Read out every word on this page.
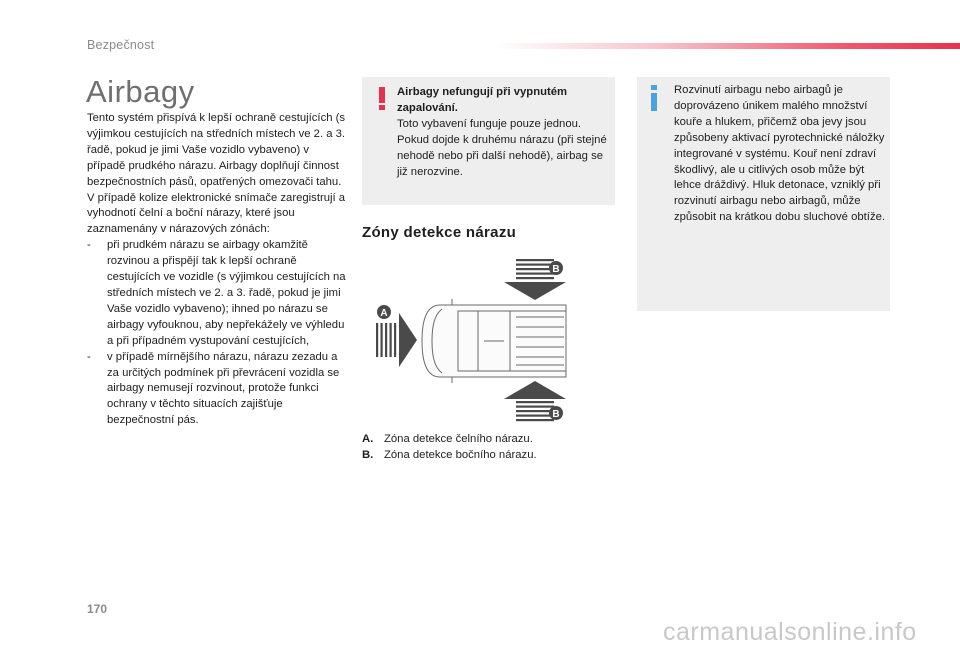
Bezpečnost
Airbagy

Tento systém přispívá k lepší ochraně cestujících (s výjimkou cestujících na středních místech ve 2. a 3. řadě, pokud je jimi Vaše vozidlo vybaveno) v případě prudkého nárazu. Airbagy doplňují činnost bezpečnostních pásů, opatřených omezovači tahu.

V případě kolize elektronické snímače zaregistrují a vyhodnotí čelní a boční nárazy, které jsou zaznamenány v nárazových zónách:

- při prudkém nárazu se airbagy okamžitě rozvinou a přispějí tak k lepší ochraně cestujících ve vozidle (s výjimkou cestujících na středních místech ve 2. a 3. řadě, pokud je jimi Vaše vozidlo vybaveno); ihned po nárazu se airbagy vyfouknou, aby nepřekážely ve výhledu a při případném vystupování cestujících,
- v případě mírnějšího nárazu, nárazu zezadu a za určitých podmínek při převrácení vozidla se airbagy nemusejí rozvinout, protože funkci ochrany v těchto situacích zajišťuje bezpečnostní pás.
Airbagy nefungují při vypnutém zapalování.
Toto vybavení funguje pouze jednou. Pokud dojde k druhému nárazu (při stejné nehodě nebo při další nehodě), airbag se již nerozvine.
Rozvinutí airbagu nebo airbagů je doprovázeno únikem malého množství kouře a hlukem, přičemž oba jevy jsou způsobeny aktivací pyrotechnické náložky integrované v systému. Kouř není zdraví škodlivý, ale u citlivých osob může být lehce dráždivý. Hluk detonace, vzniklý při rozvinutí airbagu nebo airbagů, může způsobit na krátkou dobu sluchové obtíže.
Zóny detekce nárazu
B
A
B
A. Zóna detekce čelního nárazu.
B. Zóna detekce bočního nárazu.
170
carmanualsonline.info
